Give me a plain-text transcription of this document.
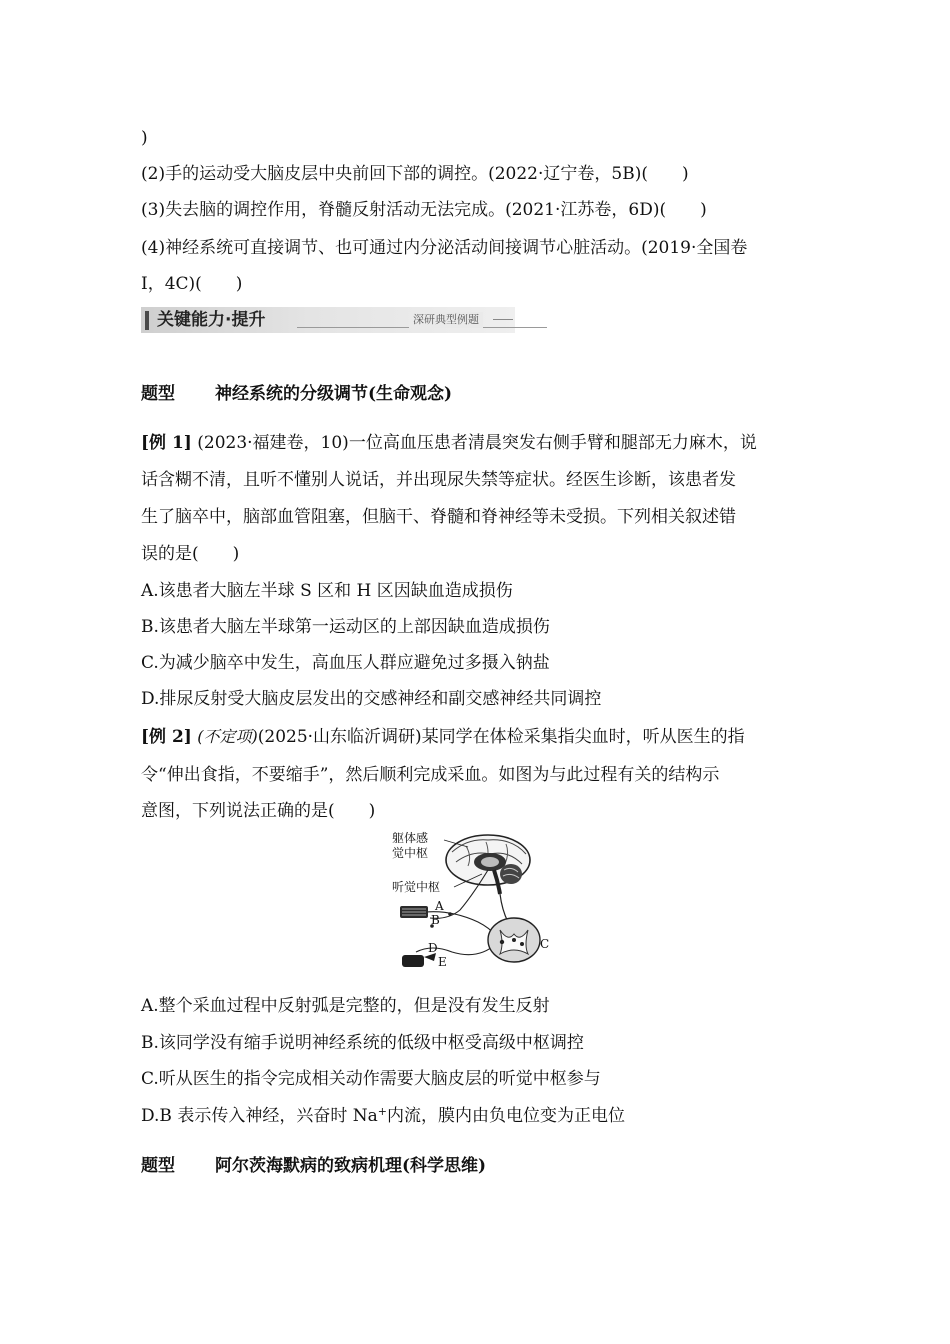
)
(2)手的运动受大脑皮层中央前回下部的调控。(2022·辽宁卷，5B)(　　)
(3)失去脑的调控作用，脊髓反射活动无法完成。(2021·江苏卷，6D)(　　)
(4)神经系统可直接调节、也可通过内分泌活动间接调节心脏活动。(2019·全国卷
Ⅰ，4C)(　　)
题型 神经系统的分级调节(生命观念)
[例 1] (2023·福建卷，10)一位高血压患者清晨突发右侧手臂和腿部无力麻木，说
话含糊不清，且听不懂别人说话，并出现尿失禁等症状。经医生诊断，该患者发
生了脑卒中，脑部血管阻塞，但脑干、脊髓和脊神经等未受损。下列相关叙述错
误的是(　　)
A.该患者大脑左半球 S 区和 H 区因缺血造成损伤
B.该患者大脑左半球第一运动区的上部因缺血造成损伤
C.为减少脑卒中发生，高血压人群应避免过多摄入钠盐
D.排尿反射受大脑皮层发出的交感神经和副交感神经共同调控
[例 2] (不定项)(2025·山东临沂调研)某同学在体检采集指尖血时，听从医生的指
令“伸出食指，不要缩手”，然后顺利完成采血。如图为与此过程有关的结构示
意图，下列说法正确的是(　　)
A.整个采血过程中反射弧是完整的，但是没有发生反射
B.该同学没有缩手说明神经系统的低级中枢受高级中枢调控
C.听从医生的指令完成相关动作需要大脑皮层的听觉中枢参与
D.B 表示传入神经，兴奋时 Na+内流，膜内由负电位变为正电位
题型 阿尔茨海默病的致病机理(科学思维)
关键能力·提升	深研典型例题
躯体感
觉中枢
听觉中枢
A
B
C
D
E
